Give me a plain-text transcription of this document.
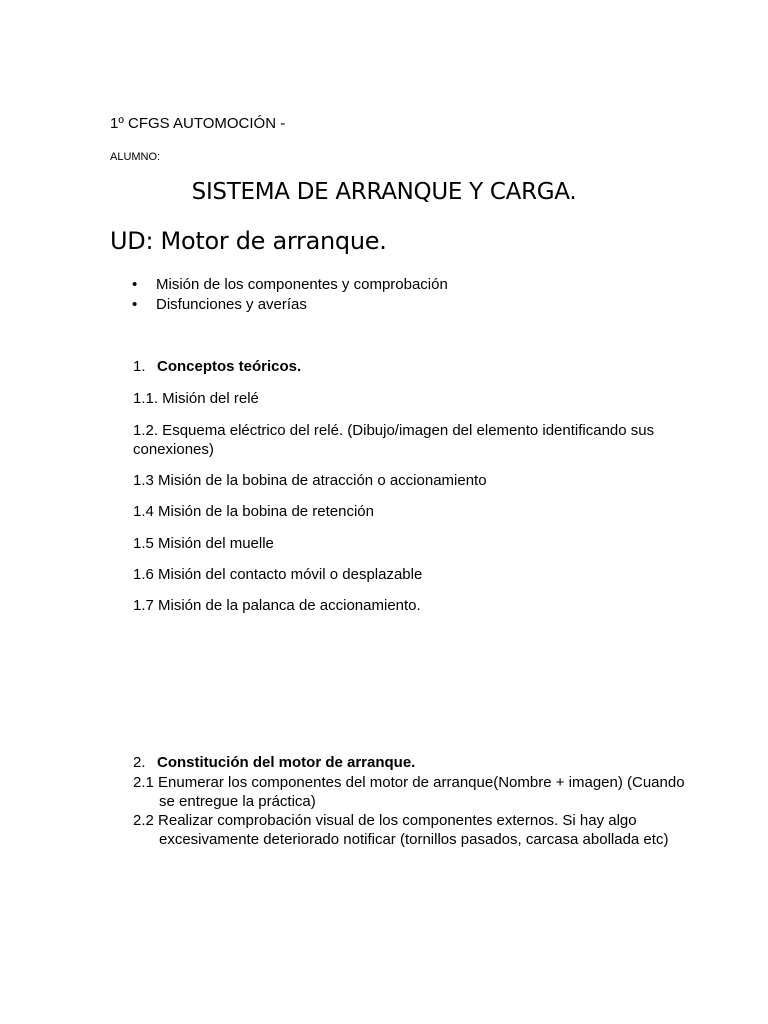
1º CFGS AUTOMOCIÓN -

ALUMNO:

SISTEMA DE ARRANQUE Y CARGA.
UD: Motor de arranque.
• Misión de los componentes y comprobación
• Disfunciones y averías
1. Conceptos teóricos.

1.1. Misión del relé

1.2. Esquema eléctrico del relé. (Dibujo/imagen del elemento identificando sus conexiones)

1.3 Misión de la bobina de atracción o accionamiento

1.4 Misión de la bobina de retención

1.5 Misión del muelle

1.6 Misión del contacto móvil o desplazable

1.7 Misión de la palanca de accionamiento.

2. Constitución del motor de arranque.

2.1 Enumerar los componentes del motor de arranque(Nombre + imagen) (Cuando se entregue la práctica)

2.2 Realizar comprobación visual de los componentes externos. Si hay algo excesivamente deteriorado notificar (tornillos pasados, carcasa abollada etc)
